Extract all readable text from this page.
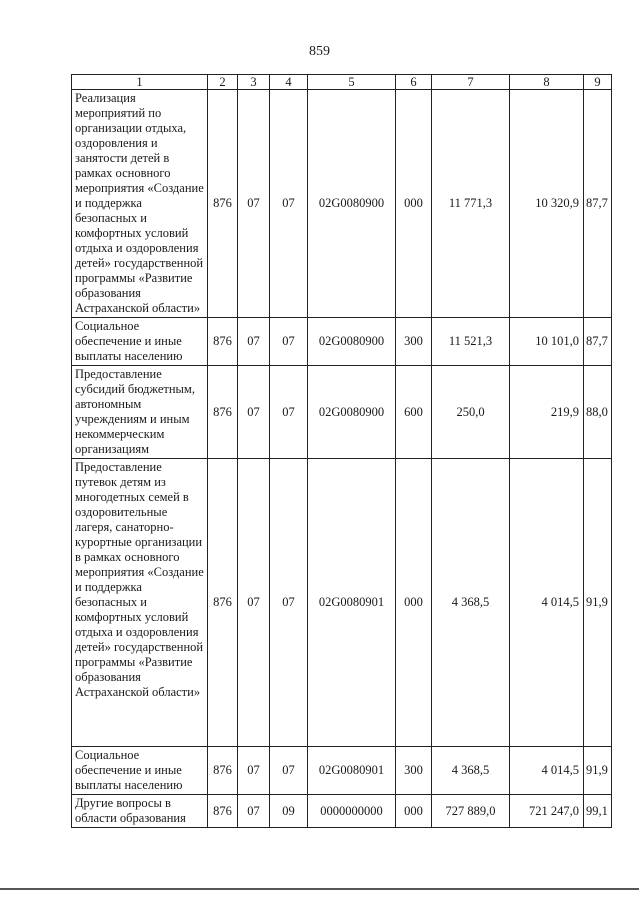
859
1	2	3	4	5	6	7	8	9
Реализация мероприятий по организации отдыха, оздоровления и занятости детей в рамках основного мероприятия «Создание и поддержка безопасных и комфортных условий отдыха и оздоровления детей» государственной программы «Развитие образования Астраханской области»	876	07	07	02G0080900	000	11 771,3	10 320,9	87,7
Социальное обеспечение и иные выплаты населению	876	07	07	02G0080900	300	11 521,3	10 101,0	87,7
Предоставление субсидий бюджетным, автономным учреждениям и иным некоммерческим организациям	876	07	07	02G0080900	600	250,0	219,9	88,0
Предоставление путевок детям из многодетных семей в оздоровительные лагеря, санаторно-курортные организации в рамках основного мероприятия «Создание и поддержка безопасных и комфортных условий отдыха и оздоровления детей» государственной программы «Развитие образования Астраханской области»	876	07	07	02G0080901	000	4 368,5	4 014,5	91,9
Социальное обеспечение и иные выплаты населению	876	07	07	02G0080901	300	4 368,5	4 014,5	91,9
Другие вопросы в области образования	876	07	09	0000000000	000	727 889,0	721 247,0	99,1
